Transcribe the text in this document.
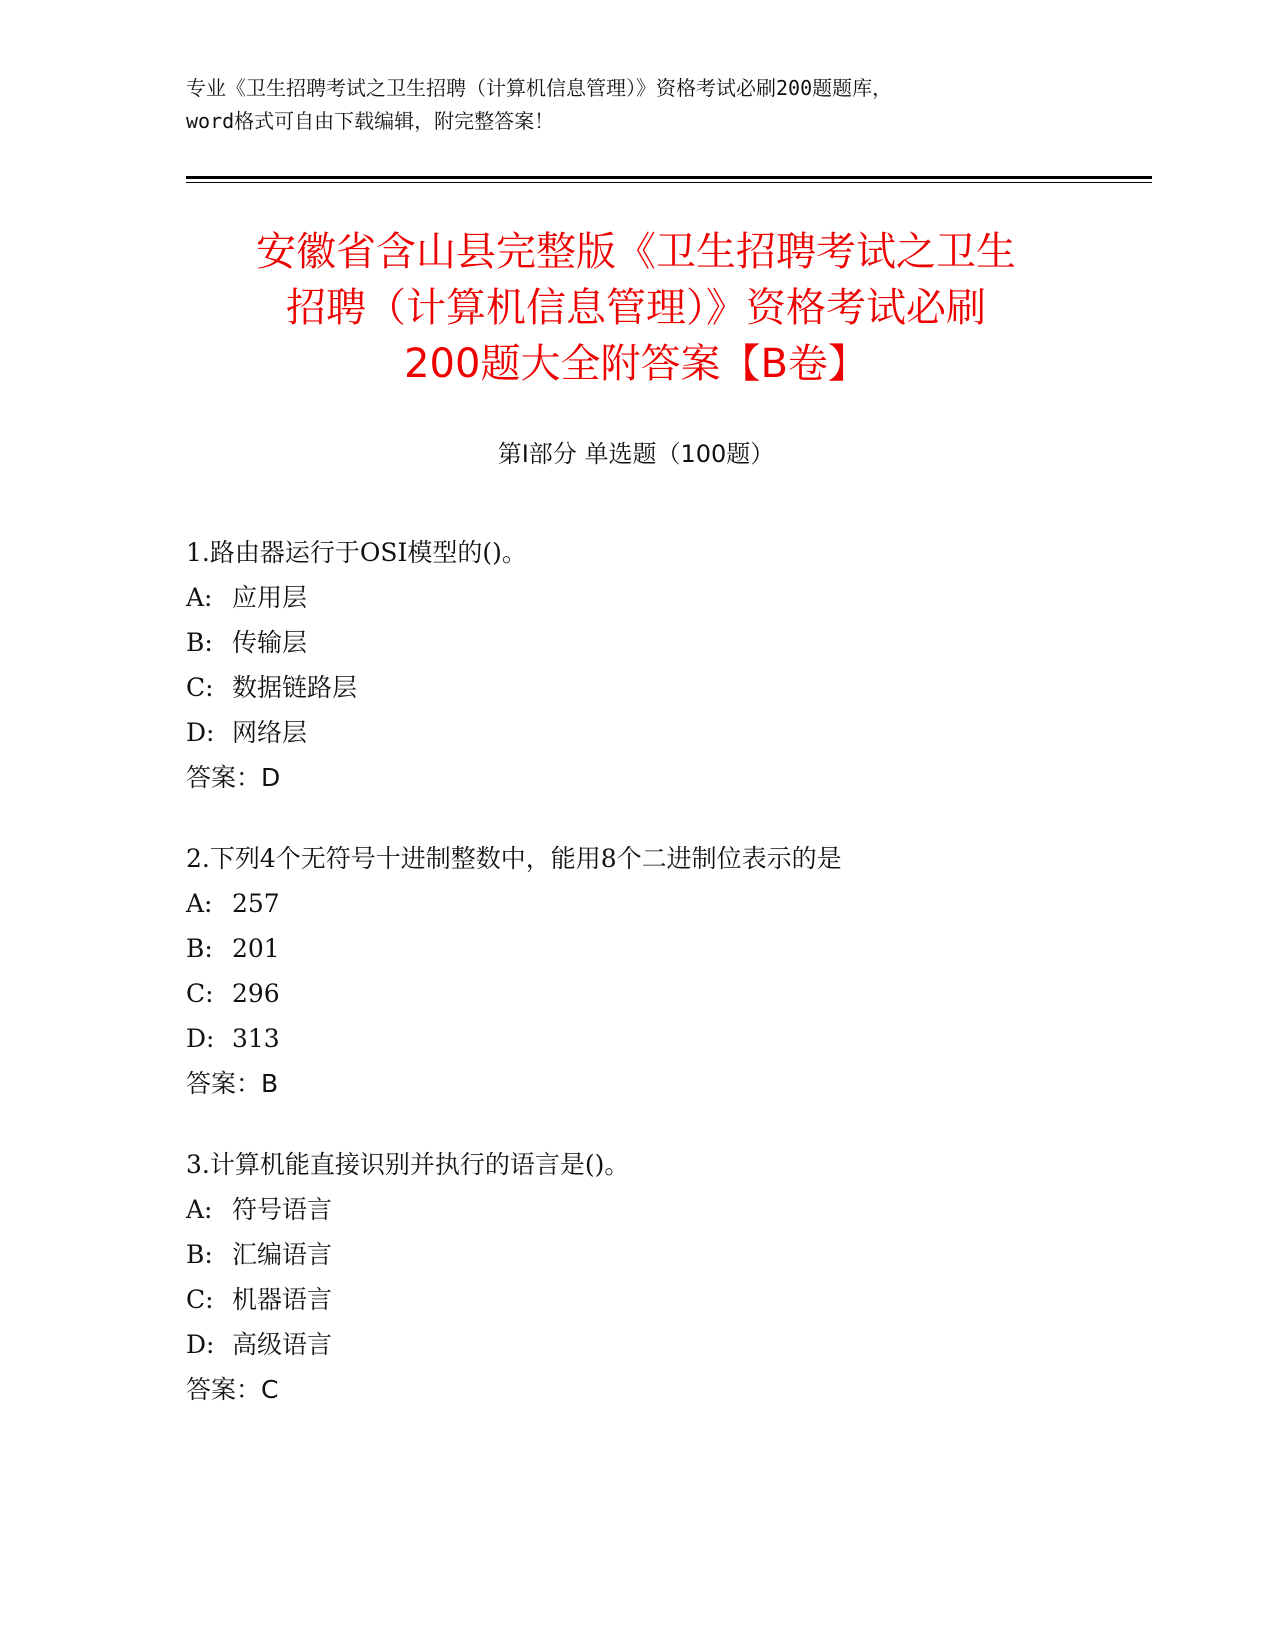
专业《卫生招聘考试之卫生招聘（计算机信息管理）》资格考试必刷200题题库，
word格式可自由下载编辑，附完整答案！
安徽省含山县完整版《卫生招聘考试之卫生
招聘（计算机信息管理）》资格考试必刷
200题大全附答案【B卷】
第Ⅰ部分 单选题（100题）
1.路由器运行于OSI模型的()。
A: 应用层
B: 传输层
C: 数据链路层
D: 网络层
答案：D
2.下列4个无符号十进制整数中，能用8个二进制位表示的是
A: 257
B: 201
C: 296
D: 313
答案：B
3.计算机能直接识别并执行的语言是()。
A: 符号语言
B: 汇编语言
C: 机器语言
D: 高级语言
答案：C
